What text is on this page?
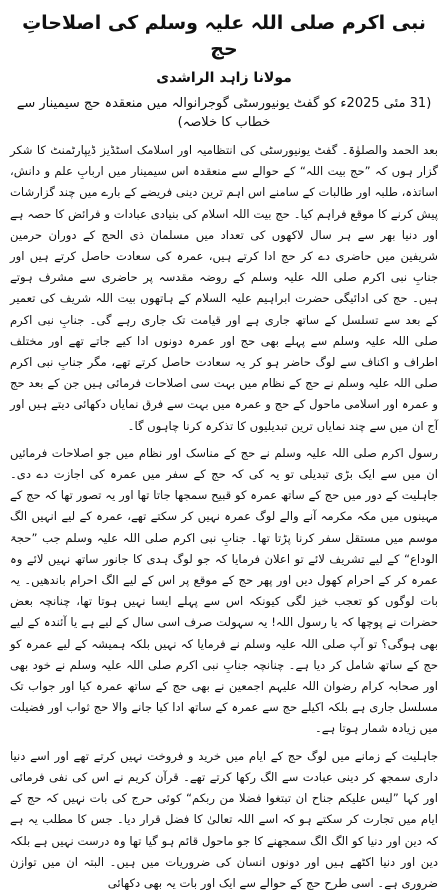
نبی اکرم صلی اللہ علیہ وسلم کی اصلاحاتِ حج
مولانا زاہد الراشدی
(31 مئی 2025ء کو گفٹ یونیورسٹی گوجرانوالہ میں منعقدہ حج سیمینار سے خطاب کا خلاصہ)

بعد الحمد والصلوٰۃ۔ گفٹ یونیورسٹی کی انتظامیہ اور اسلامک اسٹڈیز ڈیپارٹمنٹ کا شکر گزار ہوں کہ ”حج بیت اللہ“ کے حوالے سے منعقدہ اس سیمینار میں اربابِ علم و دانش، اساتذہ، طلبہ اور طالبات کے سامنے اس اہم ترین دینی فریضے کے بارے میں چند گزارشات پیش کرنے کا موقع فراہم کیا۔ حج بیت اللہ اسلام کی بنیادی عبادات و فرائض کا حصہ ہے اور دنیا بھر سے ہر سال لاکھوں کی تعداد میں مسلمان ذی الحج کے دوران حرمین شریفین میں حاضری دے کر حج ادا کرتے ہیں، عمرہ کی سعادت حاصل کرتے ہیں اور جنابِ نبی اکرم صلی اللہ علیہ وسلم کے روضہ مقدسہ پر حاضری سے مشرف ہوتے ہیں۔ حج کی ادائیگی حضرت ابراہیم علیہ السلام کے ہاتھوں بیت اللہ شریف کی تعمیر کے بعد سے تسلسل کے ساتھ جاری ہے اور قیامت تک جاری رہے گی۔ جنابِ نبی اکرم صلی اللہ علیہ وسلم سے پہلے بھی حج اور عمرہ دونوں ادا کیے جاتے تھے اور مختلف اطراف و اکناف سے لوگ حاضر ہو کر یہ سعادت حاصل کرتے تھے، مگر جنابِ نبی اکرم صلی اللہ علیہ وسلم نے حج کے نظام میں بہت سی اصلاحات فرمائی ہیں جن کے بعد حج و عمرہ اور اسلامی ماحول کے حج و عمرہ میں بہت سے فرق نمایاں دکھائی دیتے ہیں اور آج ان میں سے چند نمایاں ترین تبدیلیوں کا تذکرہ کرنا چاہوں گا۔

رسول اکرم صلی اللہ علیہ وسلم نے حج کے مناسک اور نظام میں جو اصلاحات فرمائیں ان میں سے ایک بڑی تبدیلی تو یہ کی کہ حج کے سفر میں عمرہ کی اجازت دے دی۔ جاہلیت کے دور میں حج کے ساتھ عمرہ کو قبیح سمجھا جاتا تھا اور یہ تصور تھا کہ حج کے مہینوں میں مکہ مکرمہ آنے والے لوگ عمرہ نہیں کر سکتے تھے، عمرہ کے لیے انہیں الگ موسم میں مستقل سفر کرنا پڑتا تھا۔ جنابِ نبی اکرم صلی اللہ علیہ وسلم جب ”حجۃ الوداع“ کے لیے تشریف لائے تو اعلان فرمایا کہ جو لوگ ہدی کا جانور ساتھ نہیں لائے وہ عمرہ کر کے احرام کھول دیں اور پھر حج کے موقع پر اس کے لیے الگ احرام باندھیں۔ یہ بات لوگوں کو تعجب خیز لگی کیونکہ اس سے پہلے ایسا نہیں ہوتا تھا، چنانچہ بعض حضرات نے پوچھا کہ یا رسول اللہ! یہ سہولت صرف اسی سال کے لیے ہے یا آئندہ کے لیے بھی ہوگی؟ تو آپ صلی اللہ علیہ وسلم نے فرمایا کہ نہیں بلکہ ہمیشہ کے لیے عمرہ کو حج کے ساتھ شامل کر دیا ہے۔ چنانچہ جنابِ نبی اکرم صلی اللہ علیہ وسلم نے خود بھی اور صحابہ کرام رضوان اللہ علیہم اجمعین نے بھی حج کے ساتھ عمرہ کیا اور جواب تک مسلسل جاری ہے بلکہ اکیلے حج سے عمرہ کے ساتھ ادا کیا جانے والا حج ثواب اور فضیلت میں زیادہ شمار ہوتا ہے۔

جاہلیت کے زمانے میں لوگ حج کے ایام میں خرید و فروخت نہیں کرتے تھے اور اسے دنیا داری سمجھ کر دینی عبادت سے الگ رکھا کرتے تھے۔ قرآن کریم نے اس کی نفی فرمائی اور کہا ”لیس علیکم جناح ان تبتغوا فضلا من ربکم“ کوئی حرج کی بات نہیں کہ حج کے ایام میں تجارت کر سکتے ہو کہ اسے اللہ تعالیٰ کا فضل قرار دیا۔ جس کا مطلب یہ ہے کہ دین اور دنیا کو الگ الگ سمجھنے کا جو ماحول قائم ہو گیا تھا وہ درست نہیں ہے بلکہ دین اور دنیا اکٹھے ہیں اور دونوں انسان کی ضروریات میں ہیں۔ البتہ ان میں توازن ضروری ہے۔ اسی طرح حج کے حوالے سے ایک اور بات یہ بھی دکھائی
